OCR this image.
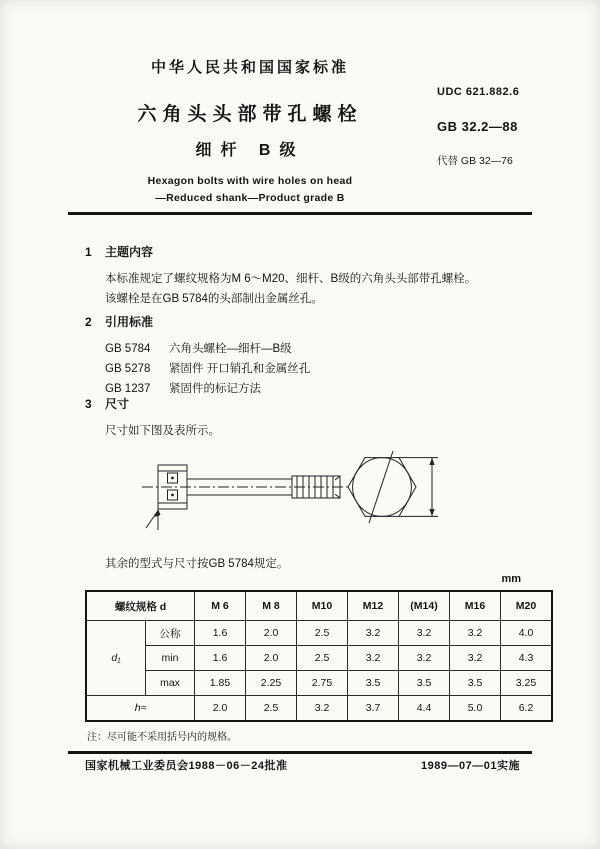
中华人民共和国国家标准
六角头头部带孔螺栓
细杆 B级
Hexagon bolts with wire holes on head
—Reduced shank—Product grade B
UDC 621.882.6
GB 32.2—88
代替 GB 32—76
1 主题内容
本标准规定了螺纹规格为M 6～M20、细杆、B级的六角头头部带孔螺栓。
该螺栓是在GB 5784的头部制出金属丝孔。
2 引用标准
GB 5784 六角头螺栓—细杆—B级
GB 5278 紧固件 开口销孔和金属丝孔
GB 1237 紧固件的标记方法
3 尺寸
尺寸如下图及表所示。
其余的型式与尺寸按GB 5784规定。
mm
螺纹规格 d		M 6	M 8	M10	M12	(M14)	M16	M20
d₁	公称	1.6	2.0	2.5	3.2	3.2	3.2	4.0
	min	1.6	2.0	2.5	3.2	3.2	3.2	4.3
	max	1.85	2.25	2.75	3.5	3.5	3.5	3.25
h≈		2.0	2.5	3.2	3.7	4.4	5.0	6.2
注：尽可能不采用括号内的规格。
国家机械工业委员会1988－06－24批准	1989—07—01实施
